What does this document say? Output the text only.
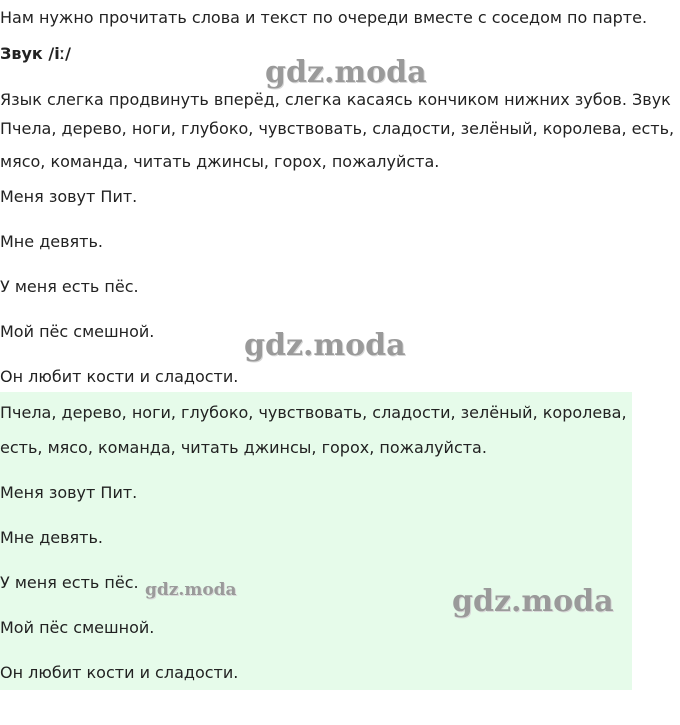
Нам нужно прочитать слова и текст по очереди вместе с соседом по парте.

Звук /iː/

Язык слегка продвинуть вперёд, слегка касаясь кончиком нижних зубов. Звук

Пчела, дерево, ноги, глубоко, чувствовать, сладости, зелёный, королева, есть,

мясо, команда, читать джинсы, горох, пожалуйста.

Меня зовут Пит.

Мне девять.

У меня есть пёс.

Мой пёс смешной.

Он любит кости и сладости.

Пчела, дерево, ноги, глубоко, чувствовать, сладости, зелёный, королева,

есть, мясо, команда, читать джинсы, горох, пожалуйста.

Меня зовут Пит.

Мне девять.

У меня есть пёс.

Мой пёс смешной.

Он любит кости и сладости.

gdz.moda
gdz.moda
gdz.moda	gdz.moda
